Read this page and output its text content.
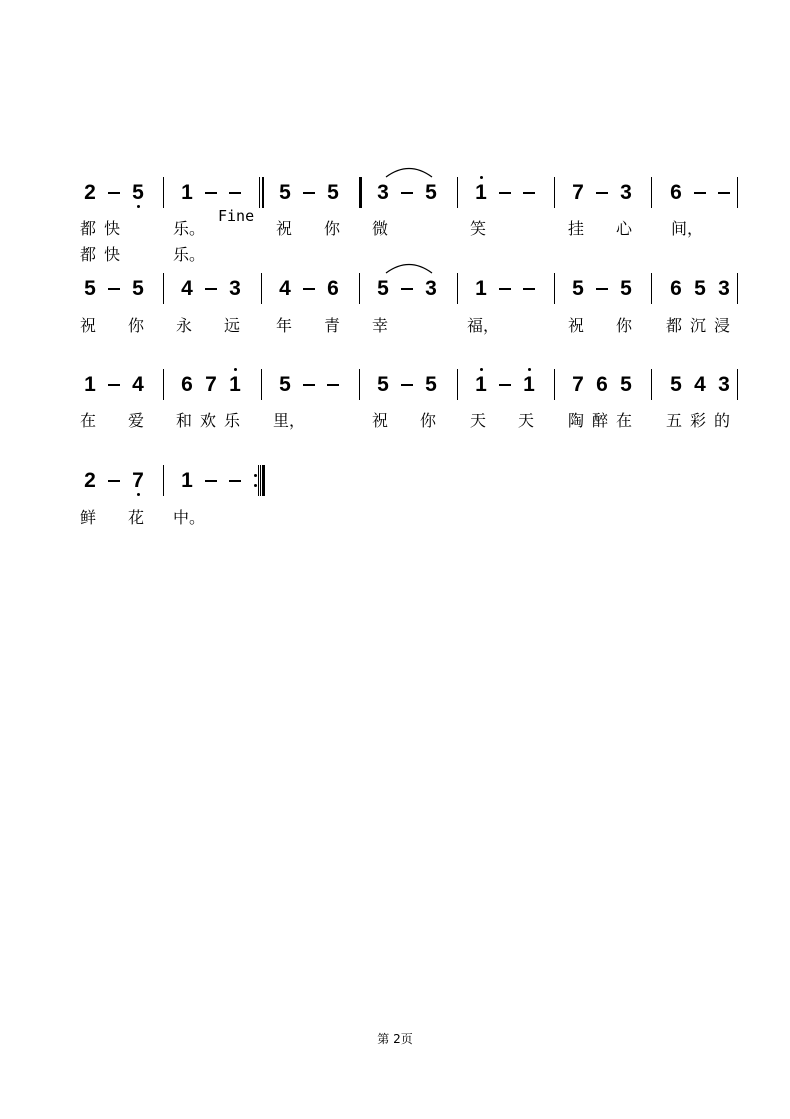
2 5 1	5 5 3 5 1	7 3 6
5 5 4 3 4 6 5 3 1	5 5 6 5 3
1 4 6 7 1 5	5 5 1 1 7 6 5 5 4 3
2 7 1
Fine
都 快	乐。	祝 你 微	笑	挂 心 间，
都 快	乐。
祝 你 永 远 年 青 幸	福，	祝 你 都 沉 浸
在 爱 和 欢 乐 里，	祝 你 天 天 陶 醉 在 五 彩 的
鲜 花 中。
第 2页
